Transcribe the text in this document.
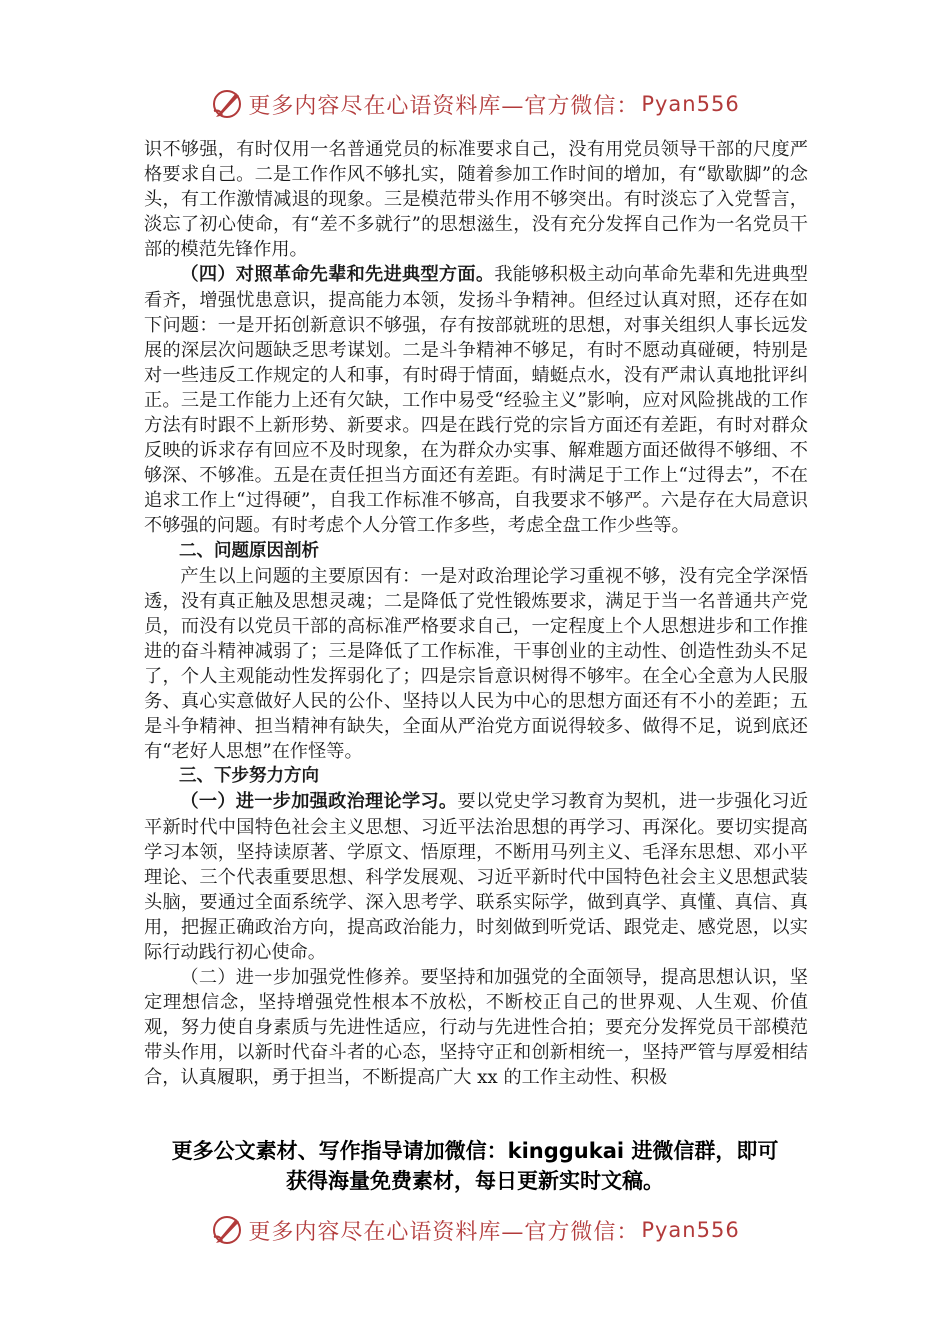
更多内容尽在心语资料库—官方微信： Pyan556

识不够强，有时仅用一名普通党员的标准要求自己，没有用党员领导干部的尺度严格要求自己。二是工作作风不够扎实，随着参加工作时间的增加，有“歇歇脚”的念头，有工作激情减退的现象。三是模范带头作用不够突出。有时淡忘了入党誓言，淡忘了初心使命，有“差不多就行”的思想滋生，没有充分发挥自己作为一名党员干部的模范先锋作用。

（四）对照革命先辈和先进典型方面。我能够积极主动向革命先辈和先进典型看齐，增强忧患意识，提高能力本领，发扬斗争精神。但经过认真对照，还存在如下问题：一是开拓创新意识不够强，存有按部就班的思想，对事关组织人事长远发展的深层次问题缺乏思考谋划。二是斗争精神不够足，有时不愿动真碰硬，特别是对一些违反工作规定的人和事，有时碍于情面，蜻蜓点水，没有严肃认真地批评纠正。三是工作能力上还有欠缺，工作中易受“经验主义”影响，应对风险挑战的工作方法有时跟不上新形势、新要求。四是在践行党的宗旨方面还有差距，有时对群众反映的诉求存有回应不及时现象，在为群众办实事、解难题方面还做得不够细、不够深、不够准。五是在责任担当方面还有差距。有时满足于工作上“过得去”，不在追求工作上“过得硬”，自我工作标准不够高，自我要求不够严。六是存在大局意识不够强的问题。有时考虑个人分管工作多些，考虑全盘工作少些等。

二、问题原因剖析

产生以上问题的主要原因有：一是对政治理论学习重视不够，没有完全学深悟透，没有真正触及思想灵魂；二是降低了党性锻炼要求，满足于当一名普通共产党员，而没有以党员干部的高标准严格要求自己，一定程度上个人思想进步和工作推进的奋斗精神减弱了；三是降低了工作标准，干事创业的主动性、创造性劲头不足了，个人主观能动性发挥弱化了；四是宗旨意识树得不够牢。在全心全意为人民服务、真心实意做好人民的公仆、坚持以人民为中心的思想方面还有不小的差距；五是斗争精神、担当精神有缺失，全面从严治党方面说得较多、做得不足，说到底还有“老好人思想”在作怪等。

三、下步努力方向

（一）进一步加强政治理论学习。要以党史学习教育为契机，进一步强化习近平新时代中国特色社会主义思想、习近平法治思想的再学习、再深化。要切实提高学习本领，坚持读原著、学原文、悟原理，不断用马列主义、毛泽东思想、邓小平理论、三个代表重要思想、科学发展观、习近平新时代中国特色社会主义思想武装头脑，要通过全面系统学、深入思考学、联系实际学，做到真学、真懂、真信、真用，把握正确政治方向，提高政治能力，时刻做到听党话、跟党走、感党恩，以实际行动践行初心使命。

（二）进一步加强党性修养。要坚持和加强党的全面领导，提高思想认识，坚定理想信念，坚持增强党性根本不放松，不断校正自己的世界观、人生观、价值观，努力使自身素质与先进性适应，行动与先进性合拍；要充分发挥党员干部模范带头作用，以新时代奋斗者的心态，坚持守正和创新相统一，坚持严管与厚爱相结合，认真履职，勇于担当，不断提高广大 xx 的工作主动性、积极

更多公文素材、写作指导请加微信：kinggukai 进微信群，即可
获得海量免费素材，每日更新实时文稿。
更多内容尽在心语资料库—官方微信： Pyan556
